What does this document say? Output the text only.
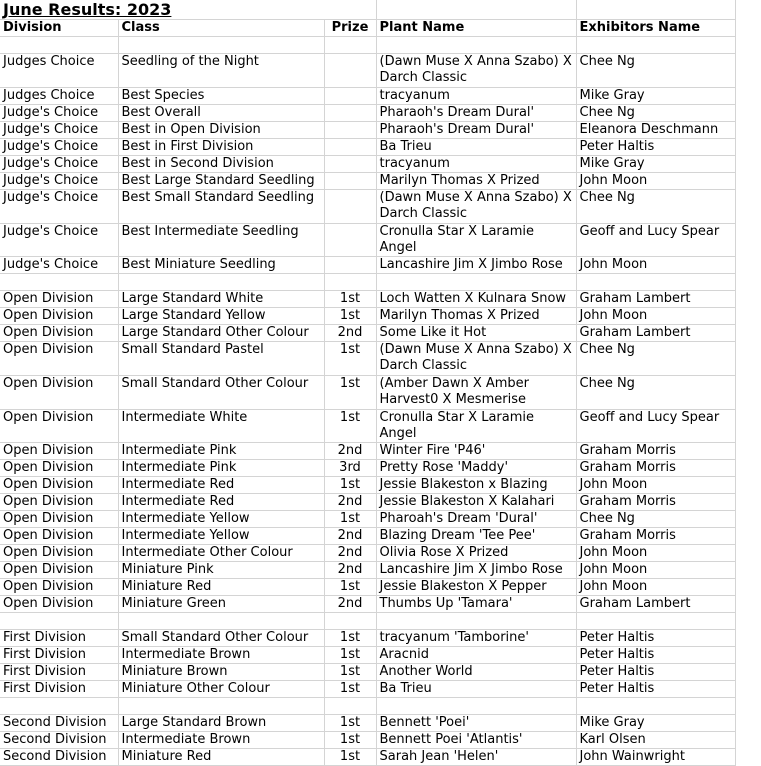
June Results: 2023				
Division	Class	Prize	Plant Name	Exhibitors Name

Judges Choice	Seedling of the Night		(Dawn Muse X Anna Szabo) X Darch Classic	Chee Ng
Judges Choice	Best Species		tracyanum	Mike Gray
Judge's Choice	Best Overall		Pharaoh's Dream Dural'	Chee Ng
Judge's Choice	Best in Open Division		Pharaoh's Dream Dural'	Eleanora Deschmann
Judge's Choice	Best in First Division		Ba Trieu	Peter Haltis
Judge's Choice	Best in Second Division		tracyanum	Mike Gray
Judge's Choice	Best Large Standard Seedling		Marilyn Thomas X Prized	John Moon
Judge's Choice	Best Small Standard Seedling		(Dawn Muse X Anna Szabo) X Darch Classic	Chee Ng
Judge's Choice	Best Intermediate Seedling		Cronulla Star X Laramie Angel	Geoff and Lucy Spear
Judge's Choice	Best Miniature Seedling		Lancashire Jim X Jimbo Rose	John Moon

Open Division	Large Standard White	1st	Loch Watten X Kulnara Snow	Graham Lambert
Open Division	Large Standard Yellow	1st	Marilyn Thomas X Prized	John Moon
Open Division	Large Standard Other Colour	2nd	Some Like it Hot	Graham Lambert
Open Division	Small Standard Pastel	1st	(Dawn Muse X Anna Szabo) X Darch Classic	Chee Ng
Open Division	Small Standard Other Colour	1st	(Amber Dawn X Amber Harvest0 X Mesmerise	Chee Ng
Open Division	Intermediate White	1st	Cronulla Star X Laramie Angel	Geoff and Lucy Spear
Open Division	Intermediate Pink	2nd	Winter Fire 'P46'	Graham Morris
Open Division	Intermediate Pink	3rd	Pretty Rose 'Maddy'	Graham Morris
Open Division	Intermediate Red	1st	Jessie Blakeston x Blazing	John Moon
Open Division	Intermediate Red	2nd	Jessie Blakeston X Kalahari	Graham Morris
Open Division	Intermediate Yellow	1st	Pharoah's Dream 'Dural'	Chee Ng
Open Division	Intermediate Yellow	2nd	Blazing Dream 'Tee Pee'	Graham Morris
Open Division	Intermediate Other Colour	2nd	Olivia Rose X Prized	John Moon
Open Division	Miniature Pink	2nd	Lancashire Jim X Jimbo Rose	John Moon
Open Division	Miniature Red	1st	Jessie Blakeston X Pepper	John Moon
Open Division	Miniature Green	2nd	Thumbs Up 'Tamara'	Graham Lambert

First Division	Small Standard Other Colour	1st	tracyanum 'Tamborine'	Peter Haltis
First Division	Intermediate Brown	1st	Aracnid	Peter Haltis
First Division	Miniature Brown	1st	Another World	Peter Haltis
First Division	Miniature Other Colour	1st	Ba Trieu	Peter Haltis

Second Division	Large Standard Brown	1st	Bennett 'Poei'	Mike Gray
Second Division	Intermediate Brown	1st	Bennett Poei 'Atlantis'	Karl Olsen
Second Division	Miniature Red	1st	Sarah Jean 'Helen'	John Wainwright
